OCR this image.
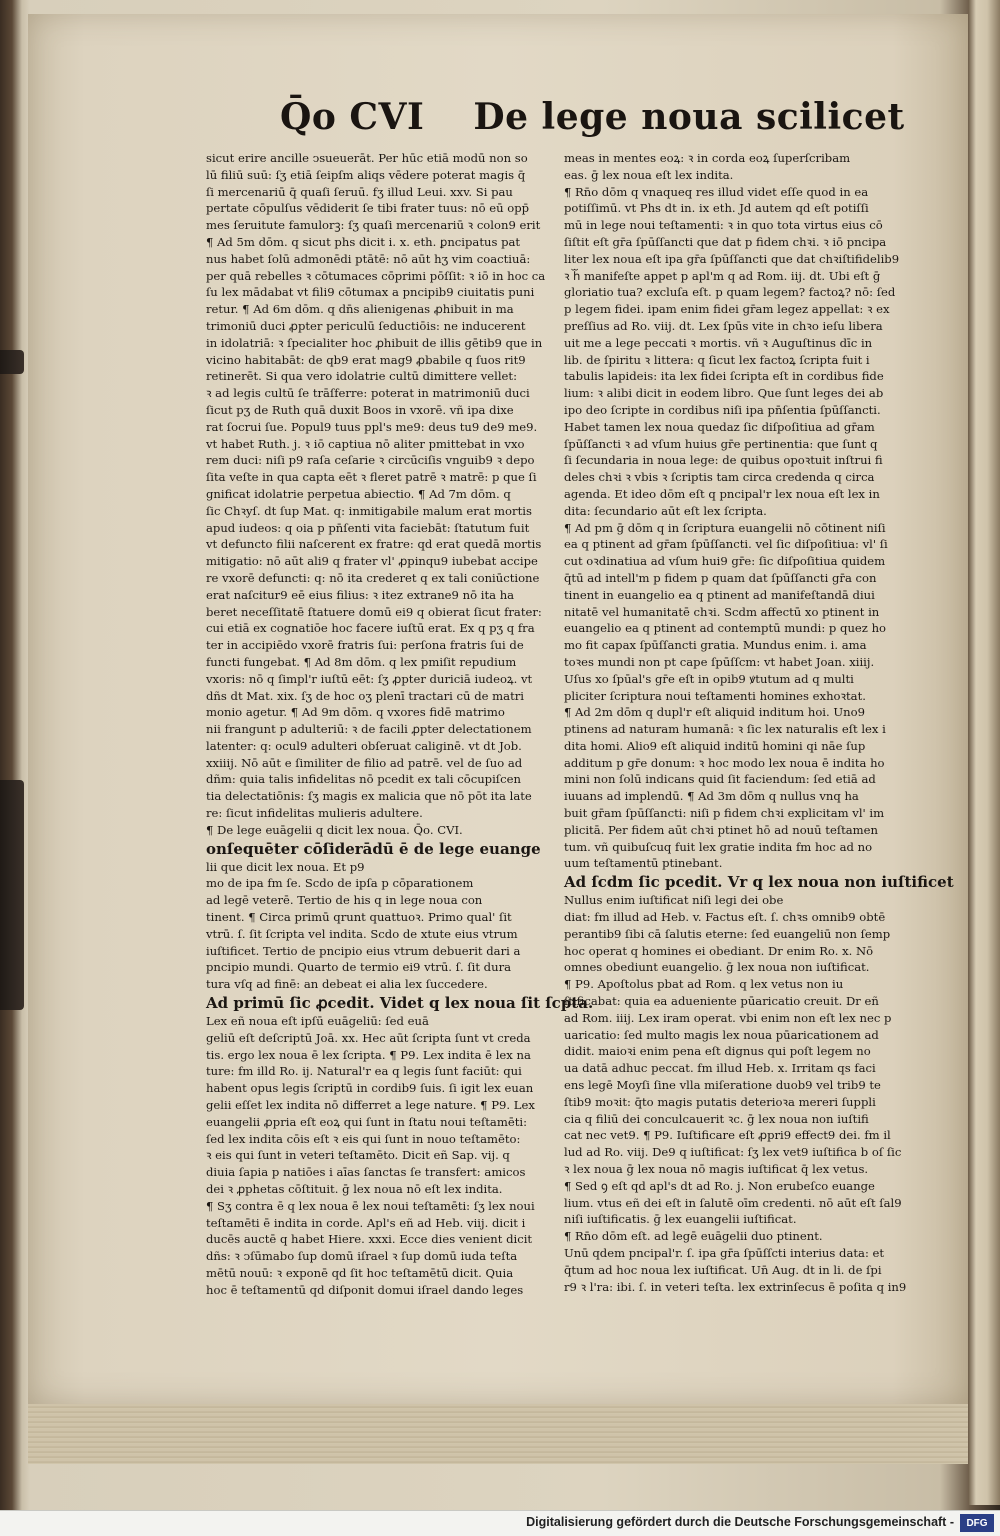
Q̄o CVI De lege noua scilicet
sicut erire ancille ↄsueuerāt. Per hūc etiā modū non so
lū filiū suū: ſʒ etiā ſeipſm aliqs vēdere poterat magis q̄
ſi mercenariū q̄ quaſi ſeruū. fʒ illud Leui. xxv. Si pau
pertate cōpulſus vēdiderit ſe tibi frater tuus: nō eū opp̄
mes ſeruitute famulorꝫ: ſʒ quaſi mercenariū ꝛ colon9 erit
¶ Ad 5m dōm. q sicut phs dicit i. x. eth. ꝑncipatus pat
nus habet ſolū admonēdi ptātē: nō aūt hʒ vim coactiuā:
per quā rebelles ꝛ cōtumaces cōprimi pōſſit: ꝛ iō in hoc ca
ſu lex mādabat vt fili9 cōtumax a pncipib9 ciuitatis puni
retur. ¶ Ad 6m dōm. q dn̄s alienigenas ꝓhibuit in ma
trimoniū duci ꝓpter periculū ſeductiōis: ne inducerent
in idolatriā: ꝛ ſpecialiter hoc ꝓhibuit de illis gētib9 que in
vicino habitabāt: de qb9 erat mag9 ꝓbabile q ſuos rit9
retinerēt. Si qua vero idolatrie cultū dimittere vellet:
ꝛ ad legis cultū ſe trāſferre: poterat in matrimoniū duci
ſicut pʒ de Ruth quā duxit Boos in vxorē. vñ ipa dixe
rat ſocrui ſue. Popul9 tuus ppl's me9: deus tu9 de9 me9.
vt habet Ruth. j. ꝛ iō captiua nō aliter pmittebat in vxo
rem duci: niſi p9 raſa ceſarie ꝛ circūciſis vnguib9 ꝛ depo
ſita veſte in qua capta eēt ꝛ fleret patrē ꝛ matrē: p que ſi
gnificat idolatrie perpetua abiectio. ¶ Ad 7m dōm. q
ſic Chꝛyſ. dt ſup Mat. q: inmitigabile malum erat mortis
apud iudeos: q oia p pn̄ſenti vita faciebāt: ſtatutum fuit
vt defuncto filii naſcerent ex fratre: qd erat quedā mortis
mitigatio: nō aūt ali9 q frater vl' ꝓpinqu9 iubebat accipe
re vxorē defuncti: q: nō ita crederet q ex tali coniūctione
erat naſcitur9 eē eius filius: ꝛ itez extrane9 nō ita ha
beret neceſſitatē ſtatuere domū ei9 q obierat ſicut frater:
cui etiā ex cognatiōe hoc facere iuſtū erat. Ex q pʒ q fra
ter in accipiēdo vxorē fratris ſui: perſona fratris ſui de
functi fungebat. ¶ Ad 8m dōm. q lex pmiſit repudium
vxoris: nō q ſimpl'r iuſtū eēt: ſʒ ꝓpter duriciā iudeoꝝ. vt
dñs dt Mat. xix. ſʒ de hoc oʒ plenī tractari cū de matri
monio agetur. ¶ Ad 9m dōm. q vxores fidē matrimo
nii frangunt p adulteriū: ꝛ de facili ꝓpter delectationem
latenter: q: ocul9 adulteri obſeruat caliginē. vt dt Job.
xxiiij. Nō aūt e ſimiliter de filio ad patrē. vel de ſuo ad
dñm: quia talis infidelitas nō pcedit ex tali cōcupiſcen
tia delectatiōnis: ſʒ magis ex malicia que nō pōt ita late
re: ſicut infidelitas mulieris adultere.
¶ De lege euāgelii q dicit lex noua. Q̄o. CVI.
onſequēter cōſiderādū ē de lege euange
lii que dicit lex noua. Et p9
mo de ipa fm ſe. Scdo de ipſa p cōparationem
ad legē veterē. Tertio de his q in lege noua con
tinent. ¶ Circa primū qrunt quattuoꝛ. Primo qual' ſit
vtrū. ſ. ſit ſcripta vel indita. Scdo de xtute eius vtrum
iuſtificet. Tertio de pncipio eius vtrum debuerit dari a
pncipio mundi. Quarto de termio ei9 vtrū. ſ. ſit dura
tura vſq ad finē: an debeat ei alia lex ſuccedere.
Ad primū ſic ꝓcedit. Videt q lex noua ſit ſcpta.
Lex eñ noua eſt ipſū euāgeliū: ſed euā
geliū eſt deſcriptū Joā. xx. Hec aūt ſcripta ſunt vt creda
tis. ergo lex noua ē lex ſcripta. ¶ P9. Lex indita ē lex na
ture: fm illd Ro. ij. Natural'r ea q legis ſunt faciūt: qui
habent opus legis ſcriptū in cordib9 ſuis. ſi igit lex euan
gelii eſſet lex indita nō differret a lege nature. ¶ P9. Lex
euangelii ꝓpria eſt eoꝝ qui ſunt in ſtatu noui teſtamēti:
ſed lex indita cōis eſt ꝛ eis qui ſunt in nouo teſtamēto:
ꝛ eis qui ſunt in veteri teſtamēto. Dicit eñ Sap. vij. q
diuia ſapia p natiōes i aīas ſanctas ſe transfert: amicos
dei ꝛ ꝓphetas cōſtituit. ḡ lex noua nō eſt lex indita.
¶ Sʒ contra ē q lex noua ē lex noui teſtamēti: ſʒ lex noui
teſtamēti ē indita in corde. Apl's eñ ad Heb. viij. dicit i
ducēs auctē q habet Hiere. xxxi. Ecce dies venient dicit
dñs: ꝛ ↄſūmabo ſup domū iſrael ꝛ ſup domū iuda teſta
mētū nouū: ꝛ exponē qd ſit hoc teſtamētū dicit. Quia
hoc ē teſtamentū qd diſponit domui iſrael dando leges
meas in mentes eoꝝ: ꝛ in corda eoꝝ ſuperſcribam
eas. ḡ lex noua eſt lex indita.
¶ Rn̄o dōm q vnaqueq res illud videt eſſe quod in ea
potiſſimū. vt Phs dt in. ix eth. Jd autem qd eſt potiſſi
mū in lege noui teſtamenti: ꝛ in quo tota virtus eius cō
ſiſtit eſt gr̄a ſpūſſancti que dat p fidem chꝛi. ꝛ iō pncipa
liter lex noua eſt ipa gr̄a ſpūſſancti que dat chꝛiſtifidelib9
ꝛ hᷓ manifeſte appet p apl'm q ad Rom. iij. dt. Ubi eſt ḡ
gloriatio tua? excluſa eſt. p quam legem? factoꝝ? nō: ſed
p legem fidei. ipam enim fidei gr̄am legez appellat: ꝛ ex
preſſius ad Ro. viij. dt. Lex ſpūs vite in chꝛo ieſu libera
uit me a lege peccati ꝛ mortis. vñ ꝛ Auguſtinus dīc in
lib. de ſpiritu ꝛ littera: q ſicut lex factoꝝ ſcripta fuit i
tabulis lapideis: ita lex fidei ſcripta eſt in cordibus fide
lium: ꝛ alibi dicit in eodem libro. Que ſunt leges dei ab
ipo deo ſcripte in cordibus niſi ipa pn̄ſentia ſpūſſancti.
Habet tamen lex noua quedaz ſic diſpoſitiua ad gr̄am
ſpūſſancti ꝛ ad vſum huius gr̄e pertinentia: que ſunt q
ſi ſecundaria in noua lege: de quibus opoꝛtuit inſtrui fi
deles chꝛi ꝛ vbis ꝛ ſcriptis tam circa credenda q circa
agenda. Et ideo dōm eſt q pncipal'r lex noua eſt lex in
dita: ſecundario aūt eſt lex ſcripta.
¶ Ad pm ḡ dōm q in ſcriptura euangelii nō cōtinent niſi
ea q ptinent ad gr̄am ſpūſſancti. vel ſic diſpoſitiua: vl' ſi
cut oꝛdinatiua ad vſum hui9 gr̄e: ſic diſpoſitiua quidem
q̄tū ad intell'm p fidem p quam dat ſpūſſancti gr̄a con
tinent in euangelio ea q ptinent ad manifeſtandā diui
nitatē vel humanitatē chꝛi. Scdm affectū xo ptinent in
euangelio ea q ptinent ad contemptū mundi: p quez ho
mo fit capax ſpūſſancti gratia. Mundus enim. i. ama
toꝛes mundi non pt cape ſpūſſcm: vt habet Joan. xiiij.
Uſus xo ſpūal's gr̄e eſt in opib9 ꝟtutum ad q multi
pliciter ſcriptura noui teſtamenti homines exhoꝛtat.
¶ Ad 2m dōm q dupl'r eſt aliquid inditum hoi. Uno9
ptinens ad naturam humanā: ꝛ ſic lex naturalis eſt lex i
dita homi. Alio9 eſt aliquid inditū homini qi nāe ſup
additum p gr̄e donum: ꝛ hoc modo lex noua ē indita ho
mini non ſolū indicans quid ſit faciendum: ſed etiā ad
iuuans ad implendū. ¶ Ad 3m dōm q nullus vnq ha
buit gr̄am ſpūſſancti: niſi p fidem chꝛi explicitam vl' im
plicitā. Per fidem aūt chꝛi ptinet hō ad nouū teſtamen
tum. vñ quibuſcuq fuit lex gratie indita fm hoc ad no
uum teſtamentū ptinebant.
Ad ſcdm ſic pcedit. Vr q lex noua non iuſtificet
Nullus enim iuſtificat niſi legi dei obe
diat: fm illud ad Heb. v. Factus eſt. ſ. chꝛs omnib9 obtē
perantib9 ſibi cā ſalutis eterne: ſed euangeliū non ſemp
hoc operat q homines ei obediant. Dr enim Ro. x. Nō
omnes obediunt euangelio. ḡ lex noua non iuſtificat.
¶ P9. Apoſtolus pbat ad Rom. q lex vetus non iu
ſtificabat: quia ea adueniente pūaricatio creuit. Dr eñ
ad Rom. iiij. Lex iram operat. vbi enim non eſt lex nec p
uaricatio: ſed multo magis lex noua pūaricationem ad
didit. maioꝛi enim pena eſt dignus qui poſt legem no
ua datā adhuc peccat. fm illud Heb. x. Irritam qs faci
ens legē Moyſi ſine vlla miſeratione duob9 vel trib9 te
ſtib9 moꝛit: q̄to magis putatis deterioꝛa mereri ſuppli
cia q filiū dei conculcauerit ꝛc. ḡ lex noua non iuſtifi
cat nec vet9. ¶ P9. Iuſtificare eſt ꝓpri9 effect9 dei. fm il
lud ad Ro. viij. De9 q iuſtificat: ſʒ lex vet9 iuſtifica b oſ ſic
ꝛ lex noua ḡ lex noua nō magis iuſtificat q̄ lex vetus.
¶ Sed ꝯ eſt qd apl's dt ad Ro. j. Non erubeſco euange
lium. vtus eñ dei eſt in ſalutē oīm credenti. nō aūt eſt ſal9
niſi iuſtificatis. ḡ lex euangelii iuſtificat.
¶ Rn̄o dōm eſt. ad legē euāgelii duo ptinent.
Unū qdem pncipal'r. ſ. ipa gr̄a ſpūſſcti interius data: et
q̄tum ad hoc noua lex iuſtificat. Un̄ Aug. dt in li. de ſpi
r9 ꝛ l'ra: ibi. ſ. in veteri teſta. lex extrinſecus ē poſita q in9
Digitalisierung gefördert durch die Deutsche Forschungsgemeinschaft -	DFG
